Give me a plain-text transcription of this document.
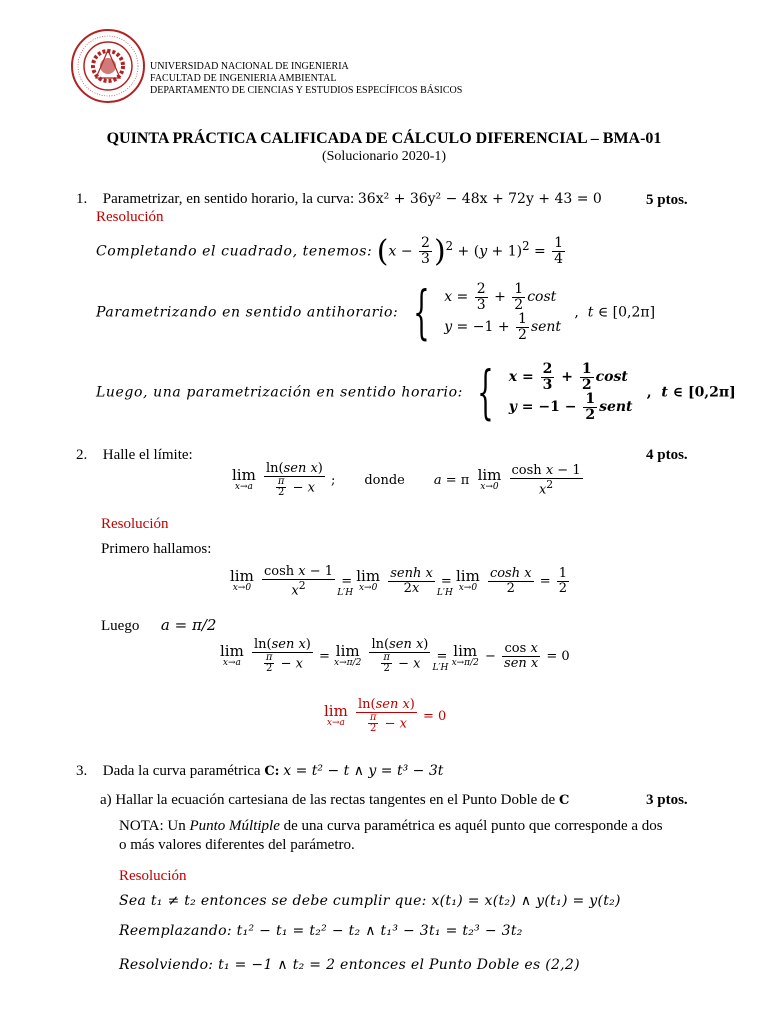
UNIVERSIDAD NACIONAL DE INGENIERIA
FACULTAD DE INGENIERIA AMBIENTAL
DEPARTAMENTO DE CIENCIAS Y ESTUDIOS ESPECÍFICOS BÁSICOS
QUINTA PRÁCTICA CALIFICADA DE CÁLCULO DIFERENCIAL – BMA-01
(Solucionario 2020-1)
1. Parametrizar, en sentido horario, la curva: 36x² + 36y² − 48x + 72y + 43 = 0	5 ptos.
Resolución
Completando el cuadrado, tenemos: $(x - \frac{2}{3} )^2 + (y + 1)^2 = \frac{1}{4}$
Parametrizando en sentido antihorario: { $x = \frac{2}{3} + \frac{1}{2}$ cost
$y = -1 + \frac{1}{2}$ sent
,  t ∈ [0,2π]
Luego, una parametrización en sentido horario: { $x = \frac{2}{3} + \frac{1}{2}$ cost
$y = -1 - \frac{1}{2}$ sent
,  t ∈ [0,2π]
2. Halle el límite:	4 ptos.
lim
x→a
$\frac{\text{ln(sen x)}}{\frac{\pi}{2} - x}$ ;       donde a = π lim
x→0
$\frac{\text{cosh x − 1}}{x^2}$
Resolución
Primero hallamos:
lim
x→0
$\frac{\text{cosh x − 1}}{x^2}$ =
L′H

lim
x→0
$\frac{\text{senh x}}{2x}$ =
L′H

lim
x→0
$\frac{\text{cosh x}}{2} = \frac{1}{2}$
Luego a = π/2
lim
x→a
$\frac{\text{ln(sen x)}}{\frac{\pi}{2} - x} = \lim$
x→π/2
$\frac{\text{ln(sen x)}}{\frac{\pi}{2} - x}$ =
L′H

lim
$x\to\pi/2 - \frac{\text{cos x}}{\text{sen x}} = 0$
lim
x→a
$\frac{\text{ln(sen x)}}{\frac{\pi}{2} - x} = 0$
3. Dada la curva paramétrica C: x = t² − t ∧ y = t³ − 3t
a) Hallar la ecuación cartesiana de las rectas tangentes en el Punto Doble de C	3 ptos.
NOTA: Un Punto Múltiple de una curva paramétrica es aquél punto que corresponde a dos
o más valores diferentes del parámetro.
Resolución
Sea t₁ ≠ t₂ entonces se debe cumplir que: x(t₁) = x(t₂) ∧ y(t₁) = y(t₂)
Reemplazando: t₁² − t₁ = t₂² − t₂ ∧ t₁³ − 3t₁ = t₂³ − 3t₂
Resolviendo: t₁ = −1 ∧ t₂ = 2 entonces el Punto Doble es (2,2)
